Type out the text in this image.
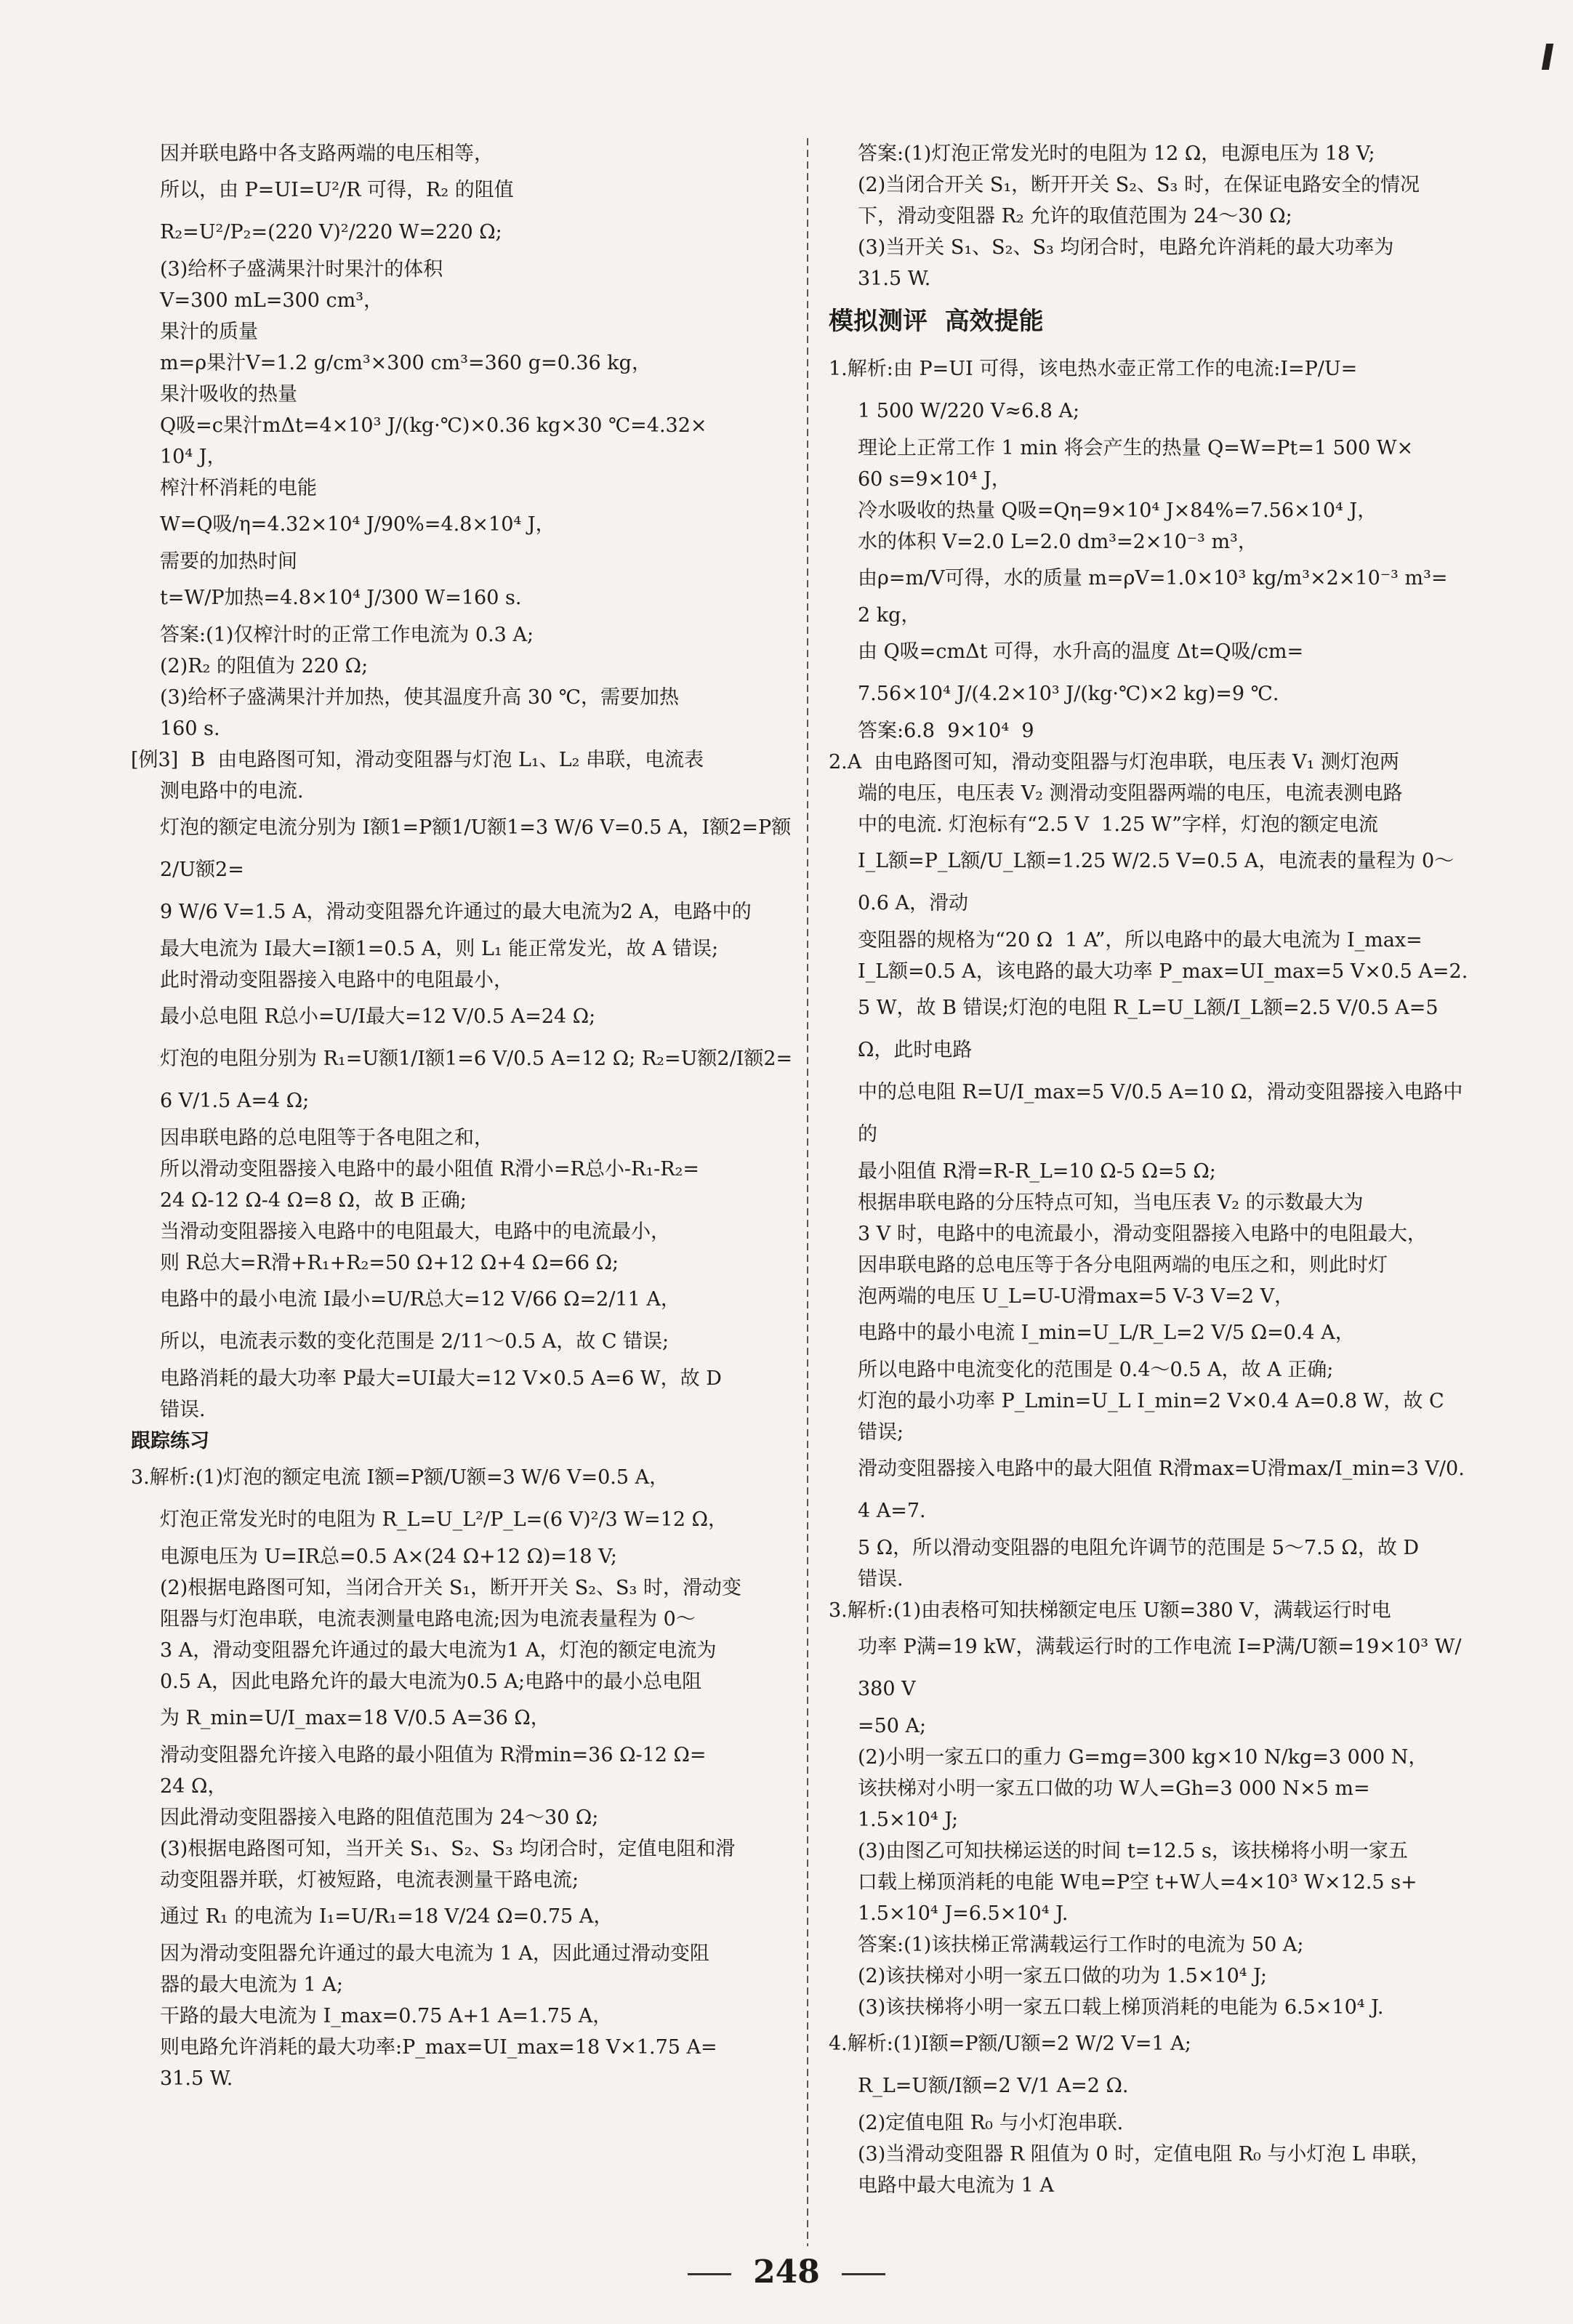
因并联电路中各支路两端的电压相等，
所以，由 P=UI=U²/R 可得，R₂ 的阻值
R₂=U²/P₂=(220 V)²/220 W=220 Ω;
(3)给杯子盛满果汁时果汁的体积
V=300 mL=300 cm³，
果汁的质量
m=ρ果汁V=1.2 g/cm³×300 cm³=360 g=0.36 kg，
果汁吸收的热量
Q吸=c果汁mΔt=4×10³ J/(kg·℃)×0.36 kg×30 ℃=4.32×
10⁴ J，
榨汁杯消耗的电能
W=Q吸/η=4.32×10⁴ J/90%=4.8×10⁴ J，
需要的加热时间
t=W/P加热=4.8×10⁴ J/300 W=160 s.
答案:(1)仅榨汁时的正常工作电流为 0.3 A;
(2)R₂ 的阻值为 220 Ω;
(3)给杯子盛满果汁并加热，使其温度升高 30 ℃，需要加热
160 s.
[例3]  B  由电路图可知，滑动变阻器与灯泡 L₁、L₂ 串联，电流表
测电路中的电流.
灯泡的额定电流分别为 I额1=P额1/U额1=3 W/6 V=0.5 A，I额2=P额2/U额2=
9 W/6 V=1.5 A，滑动变阻器允许通过的最大电流为2 A，电路中的
最大电流为 I最大=I额1=0.5 A，则 L₁ 能正常发光，故 A 错误;
此时滑动变阻器接入电路中的电阻最小，
最小总电阻 R总小=U/I最大=12 V/0.5 A=24 Ω;
灯泡的电阻分别为 R₁=U额1/I额1=6 V/0.5 A=12 Ω; R₂=U额2/I额2=
6 V/1.5 A=4 Ω;
因串联电路的总电阻等于各电阻之和，
所以滑动变阻器接入电路中的最小阻值 R滑小=R总小-R₁-R₂=
24 Ω-12 Ω-4 Ω=8 Ω，故 B 正确;
当滑动变阻器接入电路中的电阻最大，电路中的电流最小，
则 R总大=R滑+R₁+R₂=50 Ω+12 Ω+4 Ω=66 Ω;
电路中的最小电流 I最小=U/R总大=12 V/66 Ω=2/11 A，
所以，电流表示数的变化范围是 2/11～0.5 A，故 C 错误;
电路消耗的最大功率 P最大=UI最大=12 V×0.5 A=6 W，故 D
错误.
跟踪练习
3.解析:(1)灯泡的额定电流 I额=P额/U额=3 W/6 V=0.5 A，
灯泡正常发光时的电阻为 R_L=U_L²/P_L=(6 V)²/3 W=12 Ω，
电源电压为 U=IR总=0.5 A×(24 Ω+12 Ω)=18 V;
(2)根据电路图可知，当闭合开关 S₁，断开开关 S₂、S₃ 时，滑动变
阻器与灯泡串联，电流表测量电路电流;因为电流表量程为 0～
3 A，滑动变阻器允许通过的最大电流为1 A，灯泡的额定电流为
0.5 A，因此电路允许的最大电流为0.5 A;电路中的最小总电阻
为 R_min=U/I_max=18 V/0.5 A=36 Ω，
滑动变阻器允许接入电路的最小阻值为 R滑min=36 Ω-12 Ω=
24 Ω，
因此滑动变阻器接入电路的阻值范围为 24～30 Ω;
(3)根据电路图可知，当开关 S₁、S₂、S₃ 均闭合时，定值电阻和滑
动变阻器并联，灯被短路，电流表测量干路电流;
通过 R₁ 的电流为 I₁=U/R₁=18 V/24 Ω=0.75 A，
因为滑动变阻器允许通过的最大电流为 1 A，因此通过滑动变阻
器的最大电流为 1 A;
干路的最大电流为 I_max=0.75 A+1 A=1.75 A，
则电路允许消耗的最大功率:P_max=UI_max=18 V×1.75 A=
31.5 W.
答案:(1)灯泡正常发光时的电阻为 12 Ω，电源电压为 18 V;
(2)当闭合开关 S₁，断开开关 S₂、S₃ 时，在保证电路安全的情况
下，滑动变阻器 R₂ 允许的取值范围为 24～30 Ω;
(3)当开关 S₁、S₂、S₃ 均闭合时，电路允许消耗的最大功率为
31.5 W.
模拟测评  高效提能
1.解析:由 P=UI 可得，该电热水壶正常工作的电流:I=P/U=
1 500 W/220 V≈6.8 A;
理论上正常工作 1 min 将会产生的热量 Q=W=Pt=1 500 W×
60 s=9×10⁴ J，
冷水吸收的热量 Q吸=Qη=9×10⁴ J×84%=7.56×10⁴ J，
水的体积 V=2.0 L=2.0 dm³=2×10⁻³ m³，
由ρ=m/V可得，水的质量 m=ρV=1.0×10³ kg/m³×2×10⁻³ m³=
2 kg，
由 Q吸=cmΔt 可得，水升高的温度 Δt=Q吸/cm=
7.56×10⁴ J/(4.2×10³ J/(kg·℃)×2 kg)=9 ℃.
答案:6.8  9×10⁴  9
2.A  由电路图可知，滑动变阻器与灯泡串联，电压表 V₁ 测灯泡两
端的电压，电压表 V₂ 测滑动变阻器两端的电压，电流表测电路
中的电流. 灯泡标有“2.5 V  1.25 W”字样，灯泡的额定电流
I_L额=P_L额/U_L额=1.25 W/2.5 V=0.5 A，电流表的量程为 0～0.6 A，滑动
变阻器的规格为“20 Ω  1 A”，所以电路中的最大电流为 I_max=
I_L额=0.5 A，该电路的最大功率 P_max=UI_max=5 V×0.5 A=2.
5 W，故 B 错误;灯泡的电阻 R_L=U_L额/I_L额=2.5 V/0.5 A=5 Ω，此时电路
中的总电阻 R=U/I_max=5 V/0.5 A=10 Ω，滑动变阻器接入电路中的
最小阻值 R滑=R-R_L=10 Ω-5 Ω=5 Ω;
根据串联电路的分压特点可知，当电压表 V₂ 的示数最大为
3 V 时，电路中的电流最小，滑动变阻器接入电路中的电阻最大，
因串联电路的总电压等于各分电阻两端的电压之和，则此时灯
泡两端的电压 U_L=U-U滑max=5 V-3 V=2 V，
电路中的最小电流 I_min=U_L/R_L=2 V/5 Ω=0.4 A，
所以电路中电流变化的范围是 0.4～0.5 A，故 A 正确;
灯泡的最小功率 P_Lmin=U_L I_min=2 V×0.4 A=0.8 W，故 C
错误;
滑动变阻器接入电路中的最大阻值 R滑max=U滑max/I_min=3 V/0.4 A=7.
5 Ω，所以滑动变阻器的电阻允许调节的范围是 5～7.5 Ω，故 D
错误.
3.解析:(1)由表格可知扶梯额定电压 U额=380 V，满载运行时电
功率 P满=19 kW，满载运行时的工作电流 I=P满/U额=19×10³ W/380 V
=50 A;
(2)小明一家五口的重力 G=mg=300 kg×10 N/kg=3 000 N，
该扶梯对小明一家五口做的功 W人=Gh=3 000 N×5 m=
1.5×10⁴ J;
(3)由图乙可知扶梯运送的时间 t=12.5 s，该扶梯将小明一家五
口载上梯顶消耗的电能 W电=P空 t+W人=4×10³ W×12.5 s+
1.5×10⁴ J=6.5×10⁴ J.
答案:(1)该扶梯正常满载运行工作时的电流为 50 A;
(2)该扶梯对小明一家五口做的功为 1.5×10⁴ J;
(3)该扶梯将小明一家五口载上梯顶消耗的电能为 6.5×10⁴ J.
4.解析:(1)I额=P额/U额=2 W/2 V=1 A;
R_L=U额/I额=2 V/1 A=2 Ω.
(2)定值电阻 R₀ 与小灯泡串联.
(3)当滑动变阻器 R 阻值为 0 时，定值电阻 R₀ 与小灯泡 L 串联，
电路中最大电流为 1 A
248
